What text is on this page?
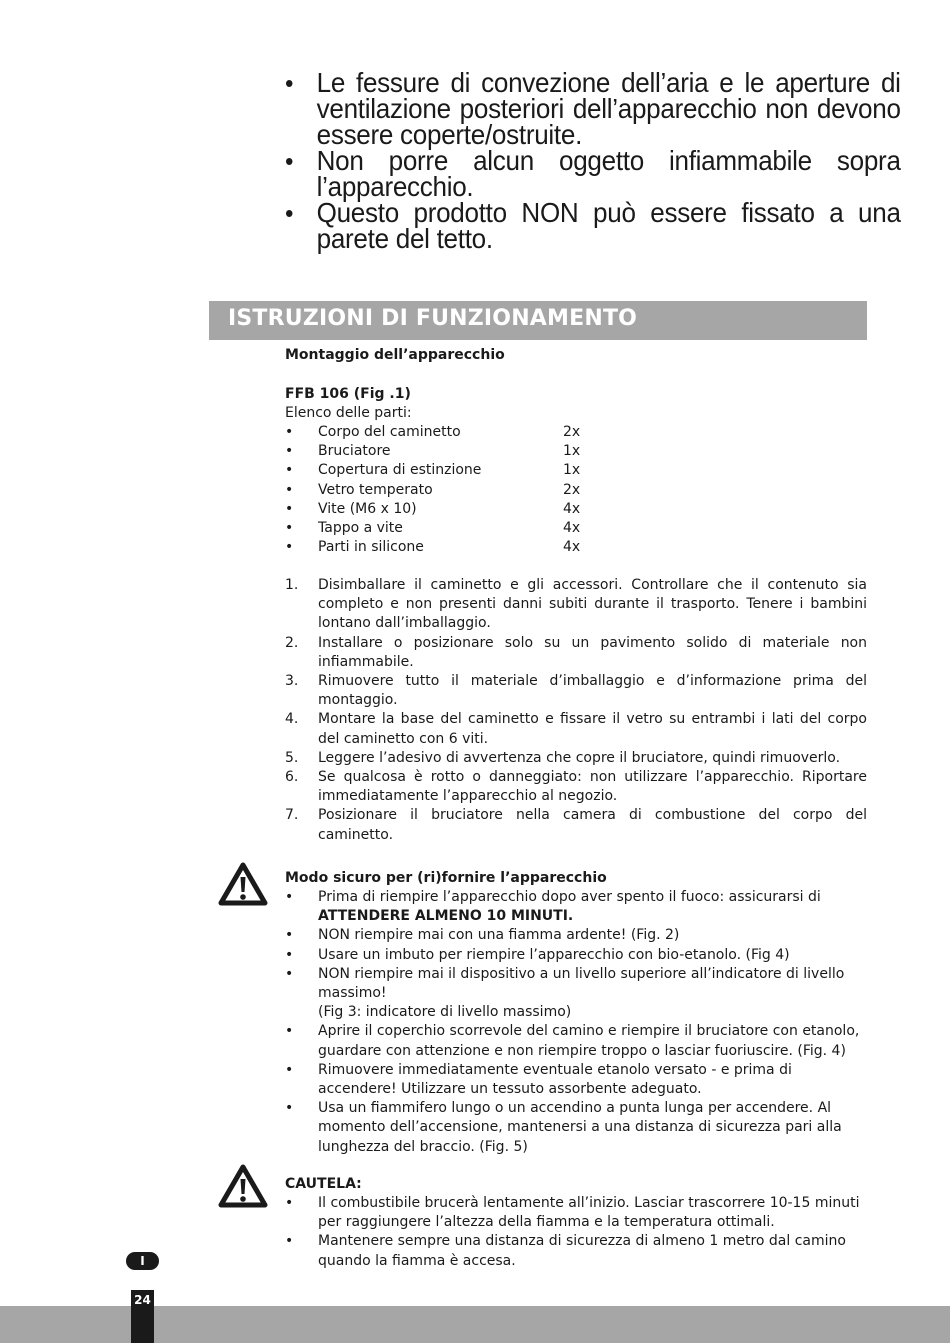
• Le fessure di convezione dell’aria e le aperture di ventilazione posteriori dell’apparecchio non devono essere coperte/ostruite.
• Non porre alcun oggetto infiammabile sopra l’apparecchio.
• Questo prodotto NON può essere fissato a una parete del tetto.
ISTRUZIONI DI FUNZIONAMENTO
Montaggio dell’apparecchio
FFB 106 (Fig .1)
Elenco delle parti:
•	Corpo del caminetto	2x
•	Bruciatore	1x
•	Copertura di estinzione	1x
•	Vetro temperato	2x
•	Vite (M6 x 10)	4x
•	Tappo a vite	4x
•	Parti in silicone	4x
1.	Disimballare il caminetto e gli accessori. Controllare che il contenuto sia completo e non presenti danni subiti durante il trasporto. Tenere i bambini lontano dall’imballaggio.
2.	Installare o posizionare solo su un pavimento solido di materiale non infiammabile.
3.	Rimuovere tutto il materiale d’imballaggio e d’informazione prima del montaggio.
4.	Montare la base del caminetto e fissare il vetro su entrambi i lati del corpo del caminetto con 6 viti.
5.	Leggere l’adesivo di avvertenza che copre il bruciatore, quindi rimuoverlo.
6.	Se qualcosa è rotto o danneggiato: non utilizzare l’apparecchio. Riportare immediatamente l’apparecchio al negozio.
7.	Posizionare il bruciatore nella camera di combustione del corpo del caminetto.
Modo sicuro per (ri)fornire l’apparecchio
•	Prima di riempire l’apparecchio dopo aver spento il fuoco: assicurarsi di
ATTENDERE ALMENO 10 MINUTI.
•	NON riempire mai con una fiamma ardente! (Fig. 2)
•	Usare un imbuto per riempire l’apparecchio con bio-etanolo. (Fig 4)
•	NON riempire mai il dispositivo a un livello superiore all’indicatore di livello massimo!
(Fig 3: indicatore di livello massimo)
•	Aprire il coperchio scorrevole del camino e riempire il bruciatore con etanolo, guardare con attenzione e non riempire troppo o lasciar fuoriuscire. (Fig. 4)
•	Rimuovere immediatamente eventuale etanolo versato - e prima di accendere! Utilizzare un tessuto assorbente adeguato.
•	Usa un fiammifero lungo o un accendino a punta lunga per accendere. Al momento dell’accensione, mantenersi a una distanza di sicurezza pari alla lunghezza del braccio. (Fig. 5)
CAUTELA:
•	Il combustibile brucerà lentamente all’inizio. Lasciar trascorrere 10-15 minuti per raggiungere l’altezza della fiamma e la temperatura ottimali.
•	Mantenere sempre una distanza di sicurezza di almeno 1 metro dal camino quando la fiamma è accesa.
I
24
